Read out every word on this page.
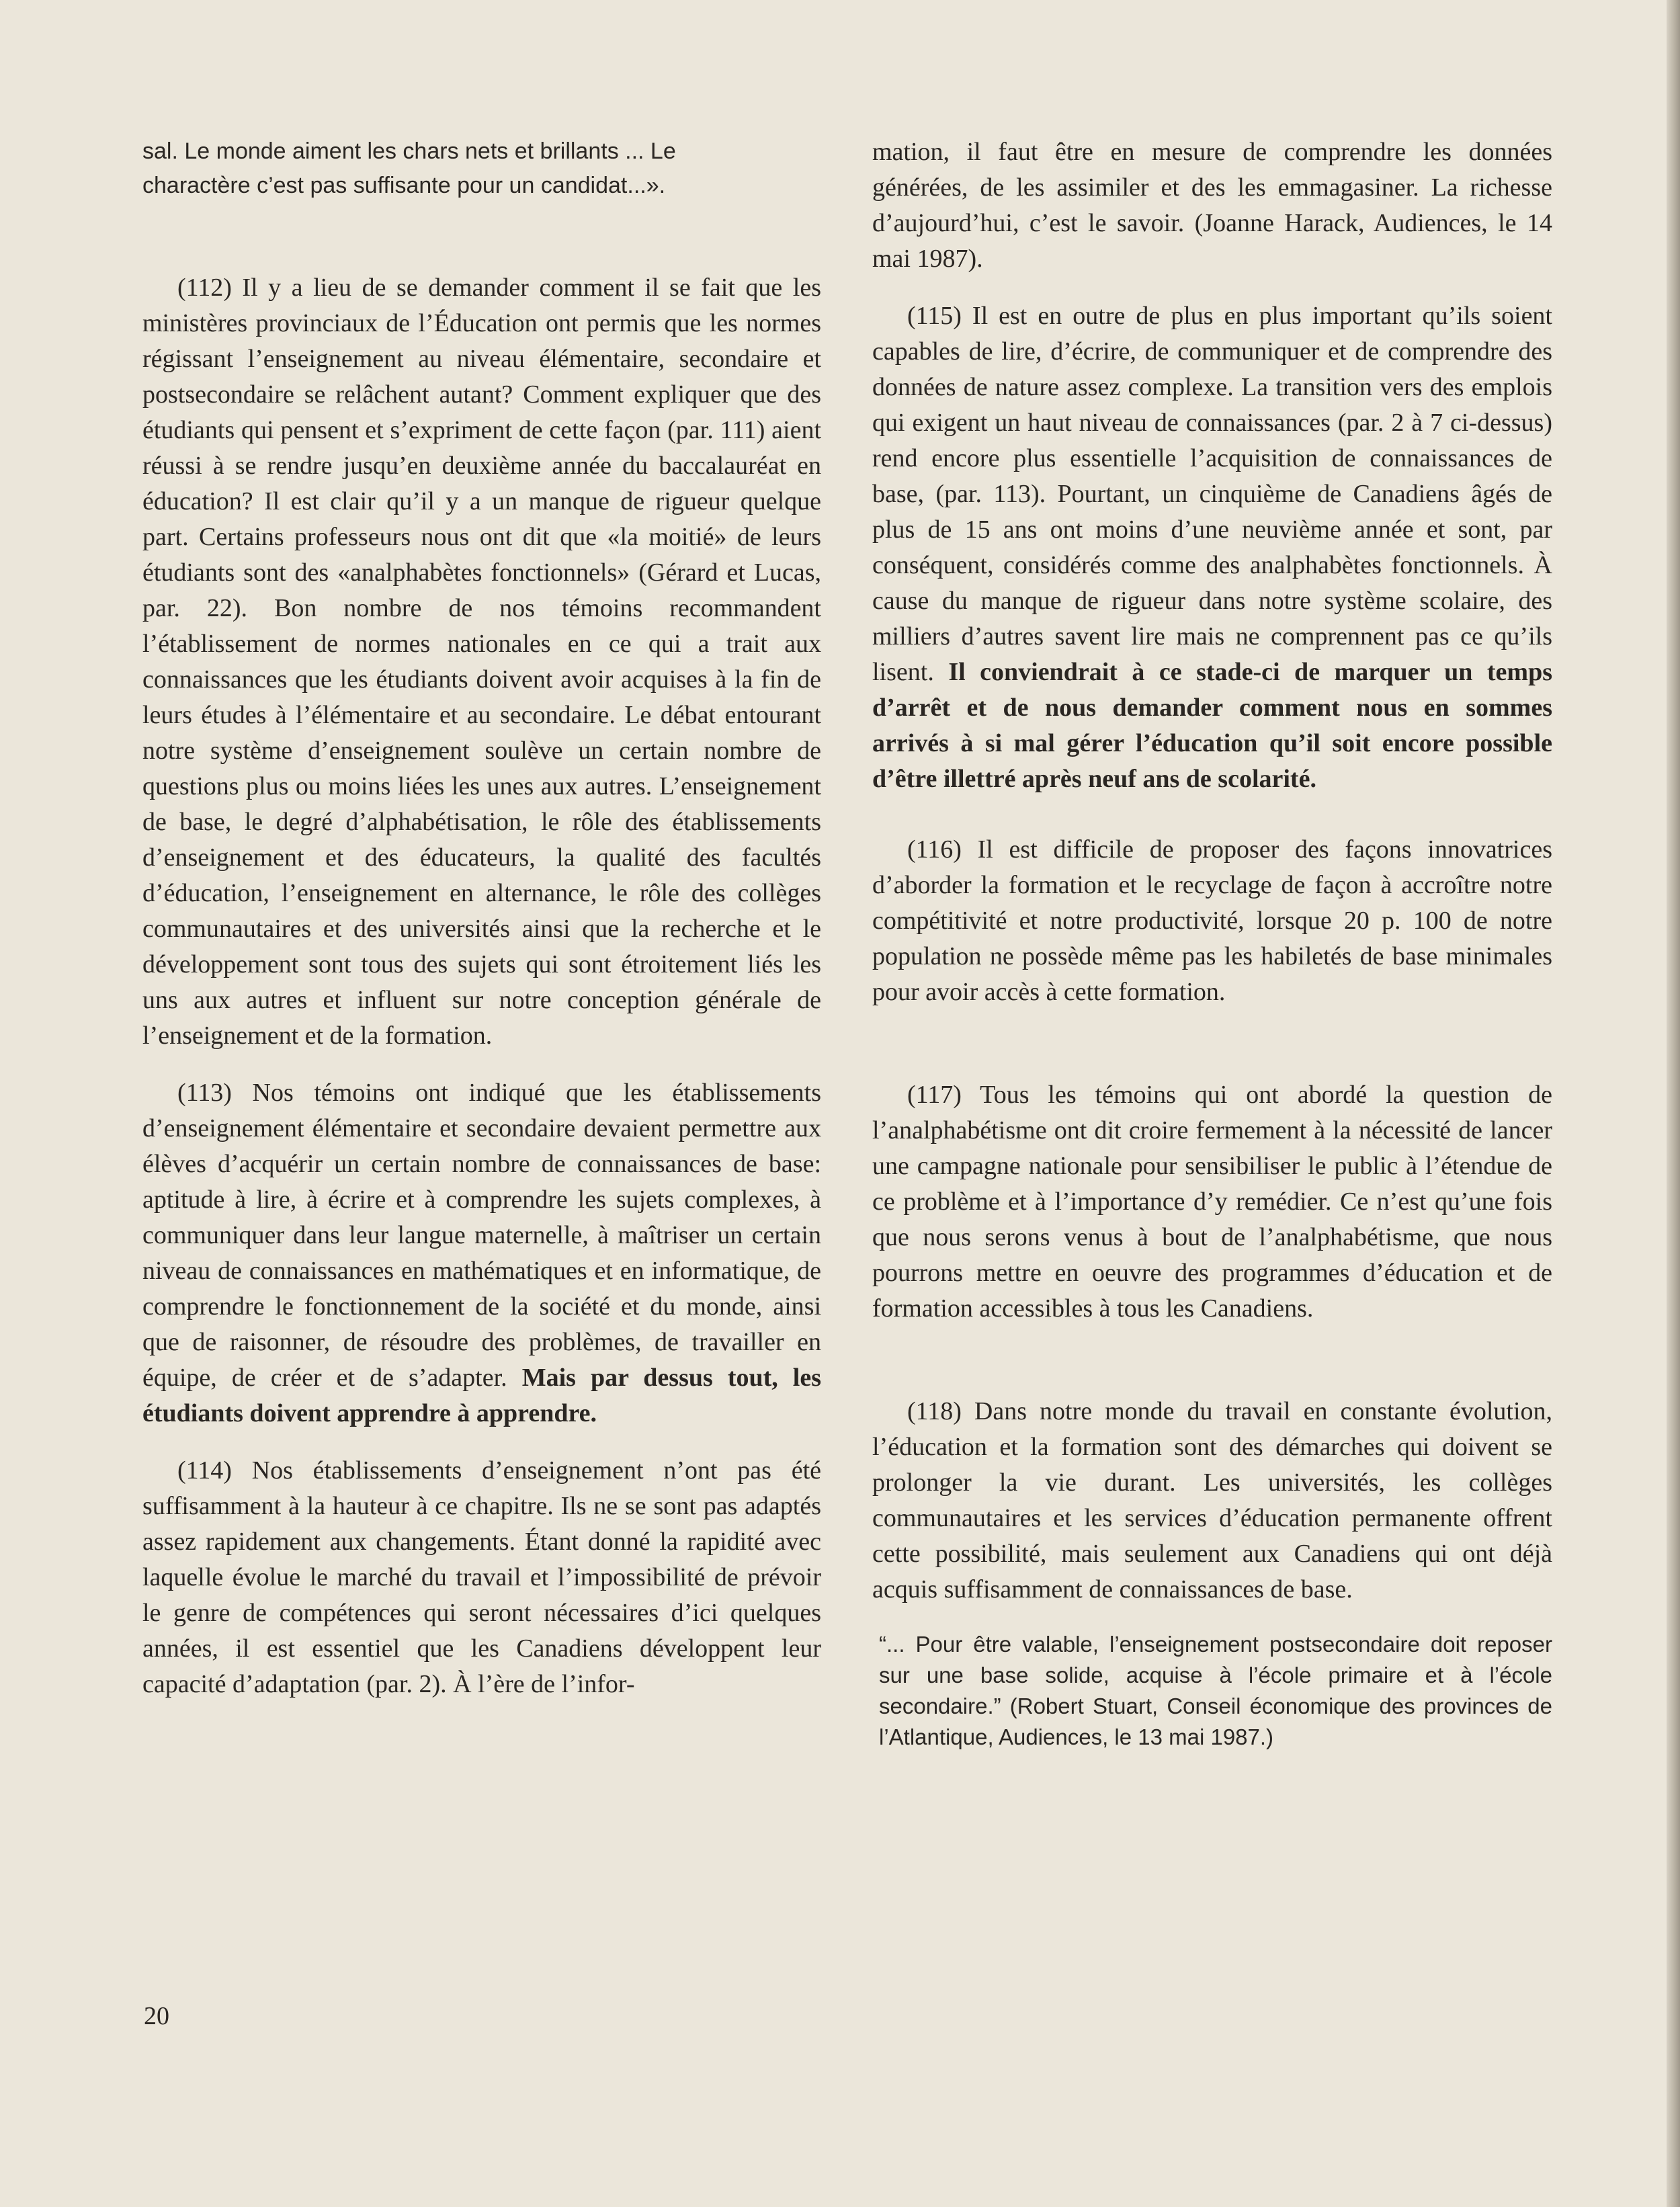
sal. Le monde aiment les chars nets et brillants ... Le
charactère c’est pas suffisante pour un candidat...».

(112) Il y a lieu de se demander comment il se fait que les ministères provinciaux de l’Éducation ont permis que les normes régissant l’enseignement au niveau élémentaire, secondaire et postsecondaire se relâchent autant? Comment expliquer que des étudiants qui pensent et s’expriment de cette façon (par. 111) aient réussi à se rendre jusqu’en deuxième année du baccalauréat en éducation? Il est clair qu’il y a un manque de rigueur quelque part. Certains professeurs nous ont dit que «la moitié» de leurs étudiants sont des «analphabètes fonctionnels» (Gérard et Lucas, par. 22). Bon nombre de nos témoins recommandent l’établissement de normes nationales en ce qui a trait aux connaissances que les étudiants doivent avoir acquises à la fin de leurs études à l’élémentaire et au secondaire. Le débat entourant notre système d’enseignement soulève un certain nombre de questions plus ou moins liées les unes aux autres. L’enseignement de base, le degré d’alphabétisation, le rôle des établissements d’enseignement et des éducateurs, la qualité des facultés d’éducation, l’enseignement en alternance, le rôle des collèges communautaires et des universités ainsi que la recherche et le développement sont tous des sujets qui sont étroitement liés les uns aux autres et influent sur notre conception générale de l’enseignement et de la formation.

(113) Nos témoins ont indiqué que les établissements d’enseignement élémentaire et secondaire devaient permettre aux élèves d’acquérir un certain nombre de connaissances de base: aptitude à lire, à écrire et à comprendre les sujets complexes, à communiquer dans leur langue maternelle, à maîtriser un certain niveau de connaissances en mathématiques et en informatique, de comprendre le fonctionnement de la société et du monde, ainsi que de raisonner, de résoudre des problèmes, de travailler en équipe, de créer et de s’adapter. Mais par dessus tout, les étudiants doivent apprendre à apprendre.

(114) Nos établissements d’enseignement n’ont pas été suffisamment à la hauteur à ce chapitre. Ils ne se sont pas adaptés assez rapidement aux changements. Étant donné la rapidité avec laquelle évolue le marché du travail et l’impossibilité de prévoir le genre de compétences qui seront nécessaires d’ici quelques années, il est essentiel que les Canadiens développent leur capacité d’adaptation (par. 2). À l’ère de l’infor-

mation, il faut être en mesure de comprendre les données générées, de les assimiler et des les emmagasiner. La richesse d’aujourd’hui, c’est le savoir. (Joanne Harack, Audiences, le 14 mai 1987).

(115) Il est en outre de plus en plus important qu’ils soient capables de lire, d’écrire, de communiquer et de comprendre des données de nature assez complexe. La transition vers des emplois qui exigent un haut niveau de connaissances (par. 2 à 7 ci-dessus) rend encore plus essentielle l’acquisition de connaissances de base, (par. 113). Pourtant, un cinquième de Canadiens âgés de plus de 15 ans ont moins d’une neuvième année et sont, par conséquent, considérés comme des analphabètes fonctionnels. À cause du manque de rigueur dans notre système scolaire, des milliers d’autres savent lire mais ne comprennent pas ce qu’ils lisent. Il conviendrait à ce stade-ci de marquer un temps d’arrêt et de nous demander comment nous en sommes arrivés à si mal gérer l’éducation qu’il soit encore possible d’être illettré après neuf ans de scolarité.

(116) Il est difficile de proposer des façons innovatrices d’aborder la formation et le recyclage de façon à accroître notre compétitivité et notre productivité, lorsque 20 p. 100 de notre population ne possède même pas les habiletés de base minimales pour avoir accès à cette formation.

(117) Tous les témoins qui ont abordé la question de l’analphabétisme ont dit croire fermement à la nécessité de lancer une campagne nationale pour sensibiliser le public à l’étendue de ce problème et à l’importance d’y remédier. Ce n’est qu’une fois que nous serons venus à bout de l’analphabétisme, que nous pourrons mettre en oeuvre des programmes d’éducation et de formation accessibles à tous les Canadiens.

(118) Dans notre monde du travail en constante évolution, l’éducation et la formation sont des démarches qui doivent se prolonger la vie durant. Les universités, les collèges communautaires et les services d’éducation permanente offrent cette possibilité, mais seulement aux Canadiens qui ont déjà acquis suffisamment de connaissances de base.

“... Pour être valable, l’enseignement postsecondaire doit reposer sur une base solide, acquise à l’école primaire et à l’école secondaire.” (Robert Stuart, Conseil économique des provinces de l’Atlantique, Audiences, le 13 mai 1987.)

20
